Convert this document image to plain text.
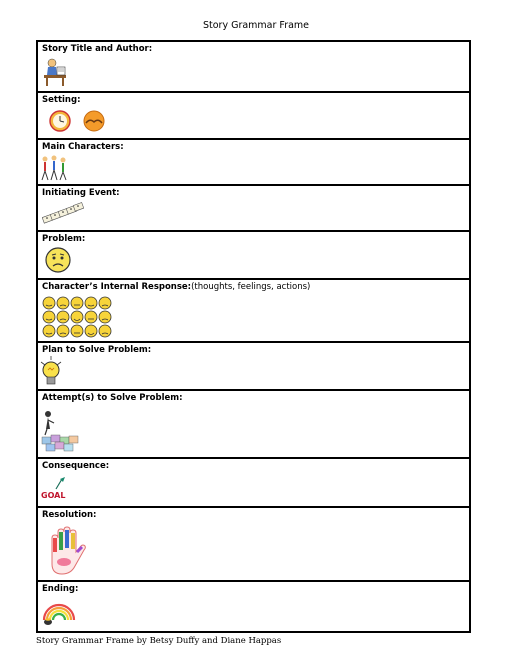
Story Grammar Frame
Story Title and Author:
Setting:
Main Characters:
Initiating Event:
Problem:
Character’s Internal Response:(thoughts, feelings, actions)
Plan to Solve Problem:
Attempt(s) to Solve Problem:
Consequence:
GOAL
Resolution:
Ending:
Story Grammar Frame by Betsy Duffy and Diane Happas
